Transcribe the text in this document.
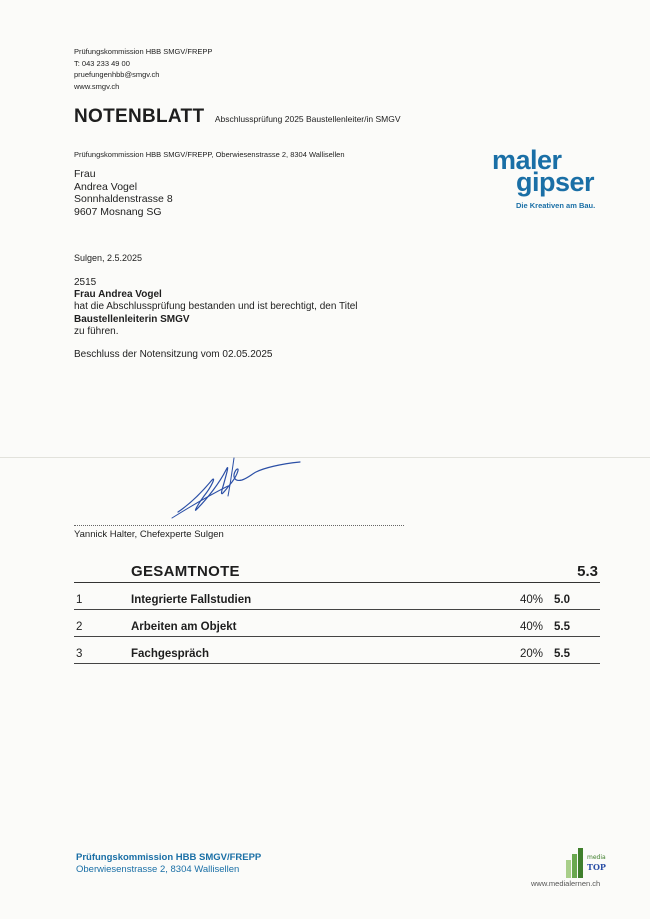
Prüfungskommission HBB SMGV/FREPP
T: 043 233 49 00
pruefungenhbb@smgv.ch
www.smgv.ch
NOTENBLATT Abschlussprüfung 2025 Baustellenleiter/in SMGV
Prüfungskommission HBB SMGV/FREPP, Oberwiesenstrasse 2, 8304 Wallisellen
Frau
Andrea Vogel
Sonnhaldenstrasse 8
9607 Mosnang SG
maler
gipser
Die Kreativen am Bau.
Sulgen, 2.5.2025
2515
Frau Andrea Vogel
hat die Abschlussprüfung bestanden und ist berechtigt, den Titel
Baustellenleiterin SMGV
zu führen.
Beschluss der Notensitzung vom 02.05.2025
Yannick Halter, Chefexperte Sulgen
GESAMTNOTE	5.3
1	Integrierte Fallstudien	40% 5.0
2	Arbeiten am Objekt	40% 5.5
3	Fachgespräch	20% 5.5
Prüfungskommission HBB SMGV/FREPP
Oberwiesenstrasse 2, 8304 Wallisellen
media
TOP
www.medialernen.ch
